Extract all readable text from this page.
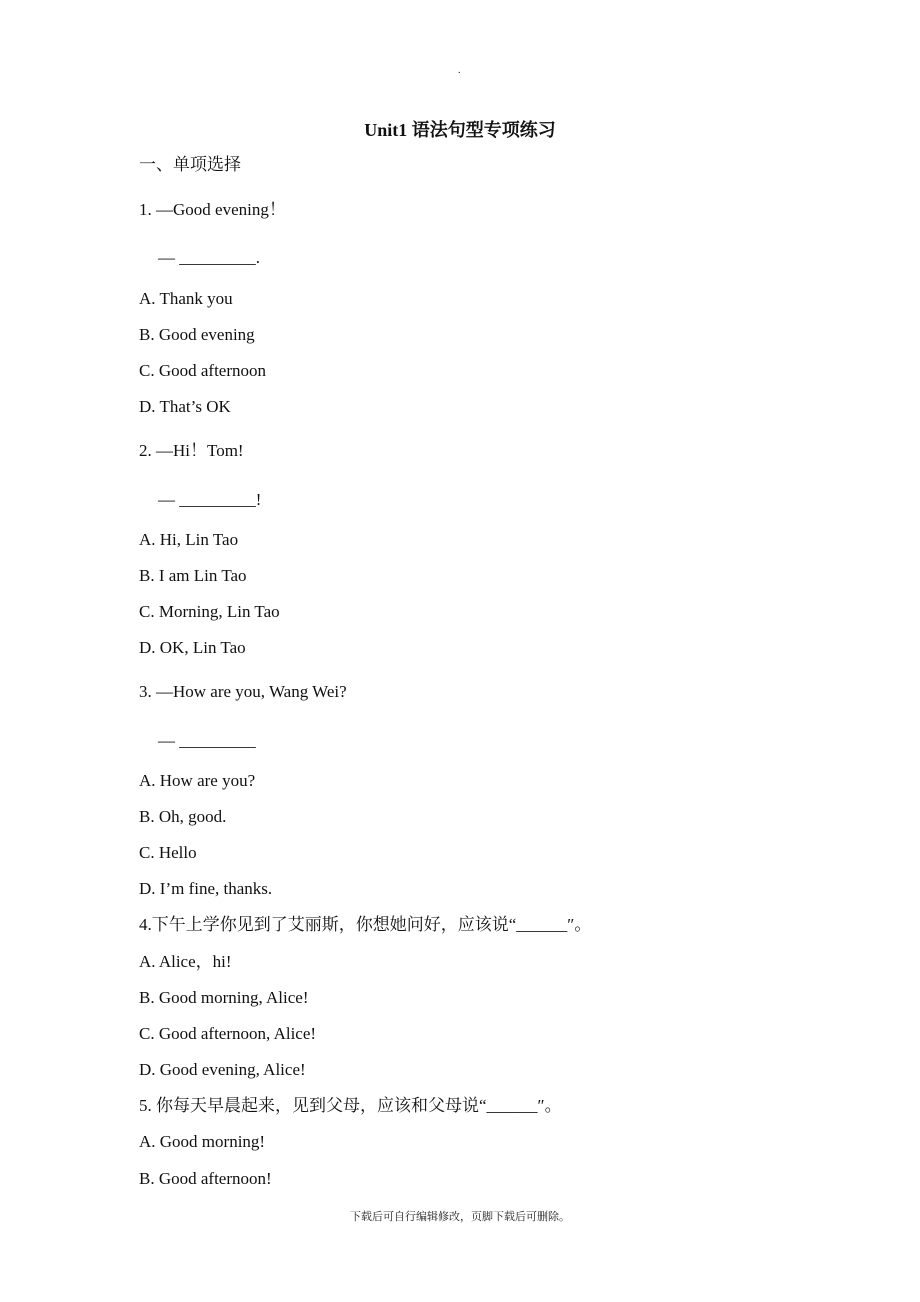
.
Unit1 语法句型专项练习
一、单项选择
1. —Good evening！
— _________.
A. Thank you
B. Good evening
C. Good afternoon
D. That’s OK
2. —Hi！Tom!
— _________!
A. Hi, Lin Tao
B. I am Lin Tao
C. Morning, Lin Tao
D. OK, Lin Tao
3. —How are you, Wang Wei?
— _________
A. How are you?
B. Oh, good.
C. Hello
D. I’m fine, thanks.
4.下午上学你见到了艾丽斯，你想她问好，应该说“______″。
A. Alice，hi!
B. Good morning, Alice!
C. Good afternoon, Alice!
D. Good evening, Alice!
5. 你每天早晨起来，见到父母，应该和父母说“______″。
A. Good morning!
B. Good afternoon!
下载后可自行编辑修改，页脚下载后可删除。
